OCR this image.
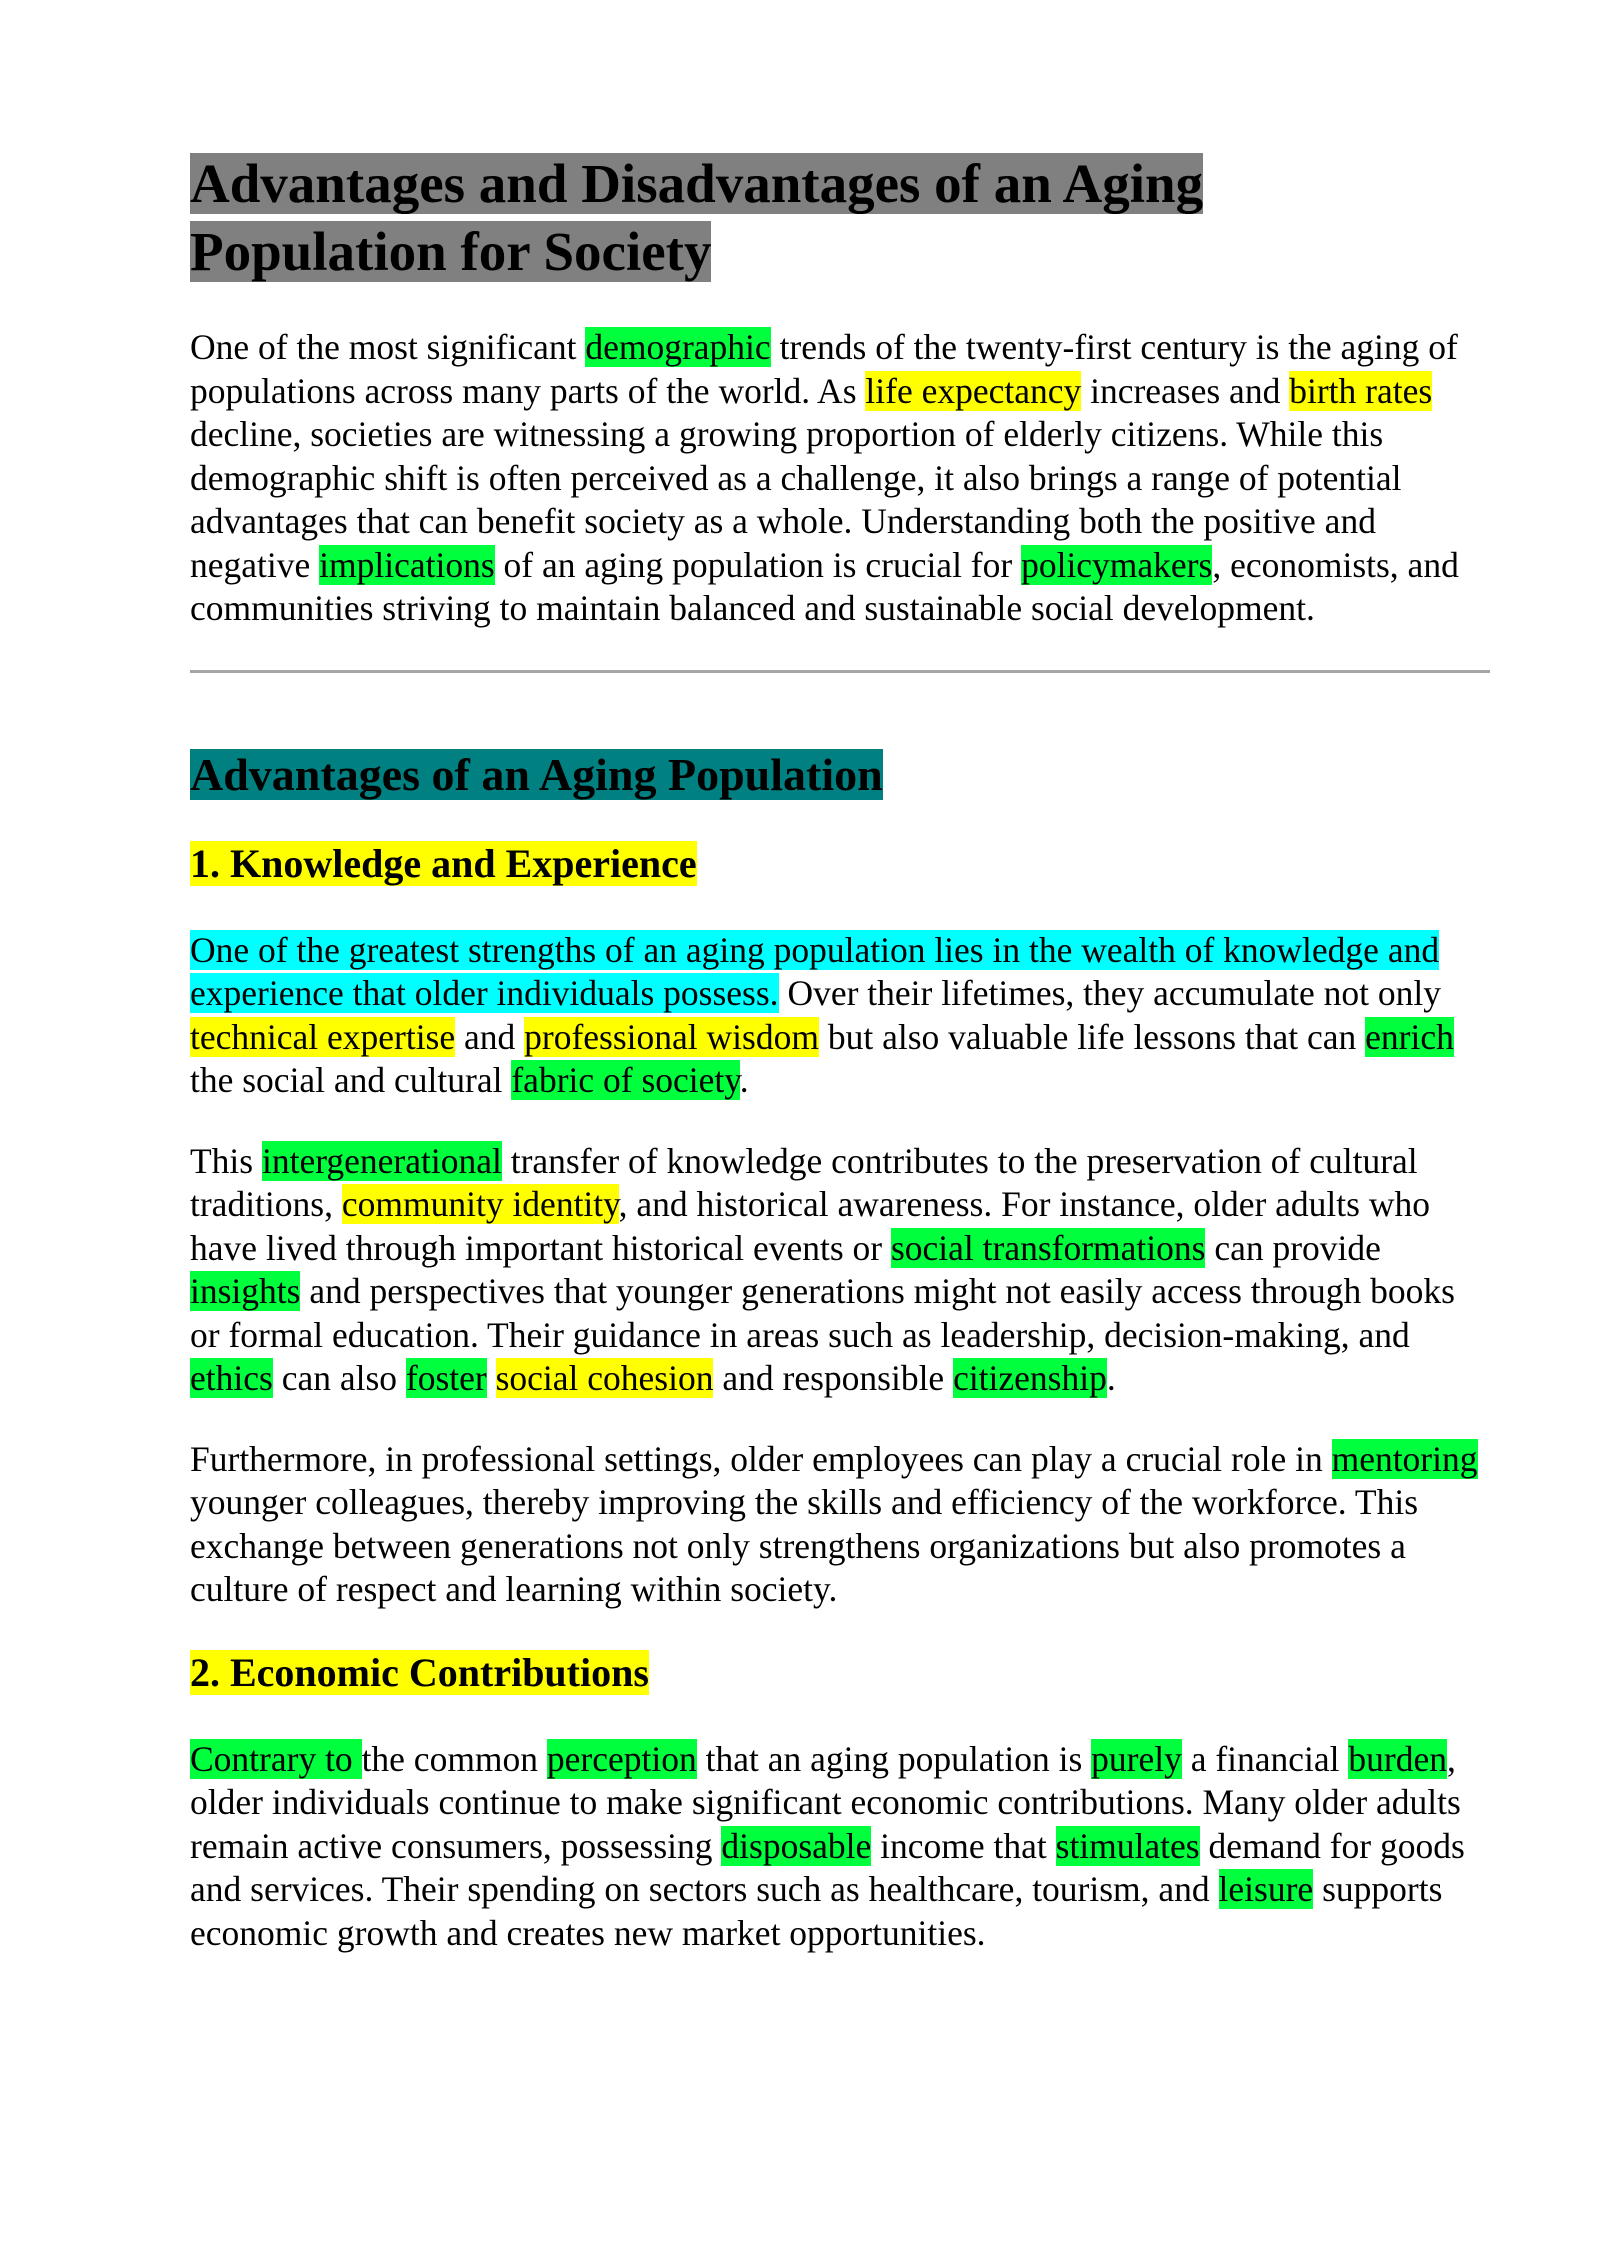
Advantages and Disadvantages of an Aging Population for Society

One of the most significant demographic trends of the twenty-first century is the aging of populations across many parts of the world. As life expectancy increases and birth rates decline, societies are witnessing a growing proportion of elderly citizens. While this demographic shift is often perceived as a challenge, it also brings a range of potential advantages that can benefit society as a whole. Understanding both the positive and negative implications of an aging population is crucial for policymakers, economists, and communities striving to maintain balanced and sustainable social development.

Advantages of an Aging Population
1. Knowledge and Experience

One of the greatest strengths of an aging population lies in the wealth of knowledge and experience that older individuals possess. Over their lifetimes, they accumulate not only technical expertise and professional wisdom but also valuable life lessons that can enrich the social and cultural fabric of society.

This intergenerational transfer of knowledge contributes to the preservation of cultural traditions, community identity, and historical awareness. For instance, older adults who have lived through important historical events or social transformations can provide insights and perspectives that younger generations might not easily access through books or formal education. Their guidance in areas such as leadership, decision-making, and ethics can also foster social cohesion and responsible citizenship.

Furthermore, in professional settings, older employees can play a crucial role in mentoring younger colleagues, thereby improving the skills and efficiency of the workforce. This exchange between generations not only strengthens organizations but also promotes a culture of respect and learning within society.

2. Economic Contributions

Contrary to the common perception that an aging population is purely a financial burden, older individuals continue to make significant economic contributions. Many older adults remain active consumers, possessing disposable income that stimulates demand for goods and services. Their spending on sectors such as healthcare, tourism, and leisure supports economic growth and creates new market opportunities.
